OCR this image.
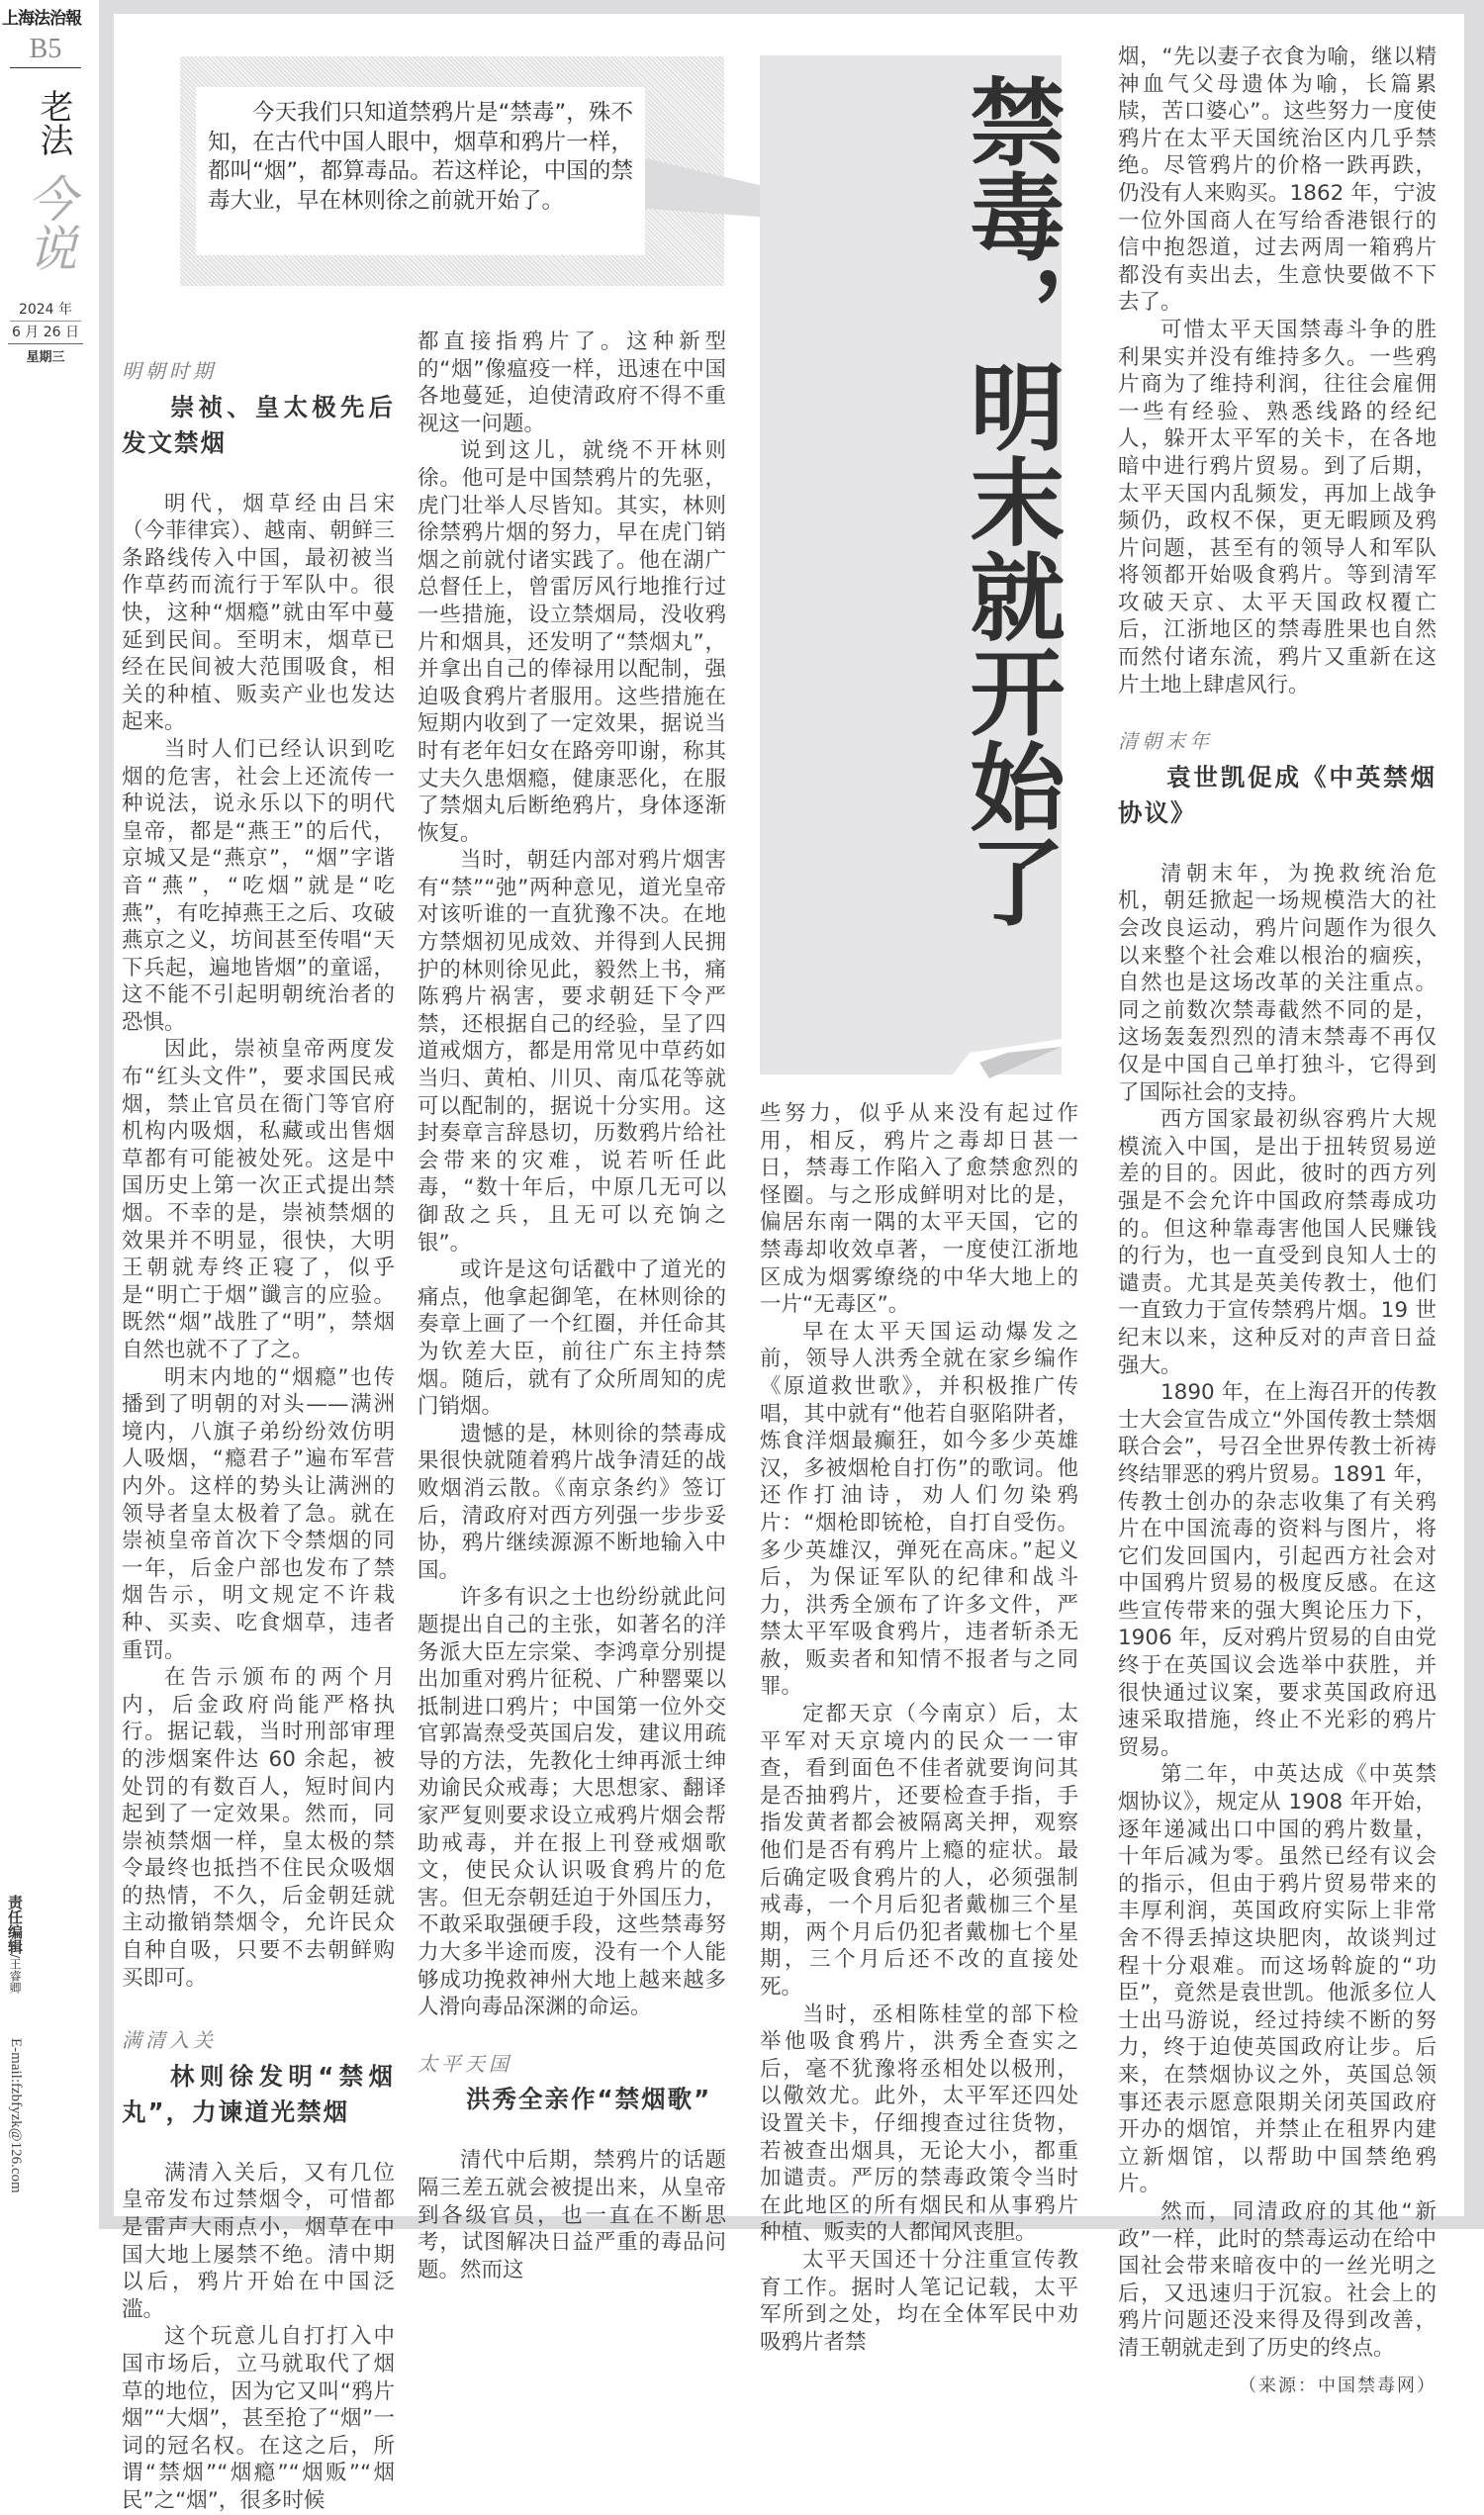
上海法治報
B5
老法
今说
2024 年
6 月 26 日
星期三
责任编辑/王睿卿
E-mail:fzbfyzk@126.com
今天我们只知道禁鸦片是“禁毒”，殊不知，在古代中国人眼中，烟草和鸦片一样，都叫“烟”，都算毒品。若这样论，中国的禁毒大业，早在林则徐之前就开始了。	禁毒，明末就开始了
明朝时期
崇祯、皇太极先后发文禁烟

明代，烟草经由吕宋（今菲律宾）、越南、朝鲜三条路线传入中国，最初被当作草药而流行于军队中。很快，这种“烟瘾”就由军中蔓延到民间。至明末，烟草已经在民间被大范围吸食，相关的种植、贩卖产业也发达起来。

当时人们已经认识到吃烟的危害，社会上还流传一种说法，说永乐以下的明代皇帝，都是“燕王”的后代，京城又是“燕京”，“烟”字谐音“燕”，“吃烟”就是“吃燕”，有吃掉燕王之后、攻破燕京之义，坊间甚至传唱“天下兵起，遍地皆烟”的童谣，这不能不引起明朝统治者的恐惧。

因此，崇祯皇帝两度发布“红头文件”，要求国民戒烟，禁止官员在衙门等官府机构内吸烟，私藏或出售烟草都有可能被处死。这是中国历史上第一次正式提出禁烟。不幸的是，崇祯禁烟的效果并不明显，很快，大明王朝就寿终正寝了，似乎是“明亡于烟”谶言的应验。既然“烟”战胜了“明”，禁烟自然也就不了了之。

明末内地的“烟瘾”也传播到了明朝的对头——满洲境内，八旗子弟纷纷效仿明人吸烟，“瘾君子”遍布军营内外。这样的势头让满洲的领导者皇太极着了急。就在崇祯皇帝首次下令禁烟的同一年，后金户部也发布了禁烟告示，明文规定不许栽种、买卖、吃食烟草，违者重罚。

在告示颁布的两个月内，后金政府尚能严格执行。据记载，当时刑部审理的涉烟案件达 60 余起，被处罚的有数百人，短时间内起到了一定效果。然而，同崇祯禁烟一样，皇太极的禁令最终也抵挡不住民众吸烟的热情，不久，后金朝廷就主动撤销禁烟令，允许民众自种自吸，只要不去朝鲜购买即可。

满清入关
林则徐发明“禁烟丸”，力谏道光禁烟

满清入关后，又有几位皇帝发布过禁烟令，可惜都是雷声大雨点小，烟草在中国大地上屡禁不绝。清中期以后，鸦片开始在中国泛滥。

这个玩意儿自打打入中国市场后，立马就取代了烟草的地位，因为它又叫“鸦片烟”“大烟”，甚至抢了“烟”一词的冠名权。在这之后，所谓“禁烟”“烟瘾”“烟贩”“烟民”之“烟”，很多时候

都直接指鸦片了。这种新型的“烟”像瘟疫一样，迅速在中国各地蔓延，迫使清政府不得不重视这一问题。

说到这儿，就绕不开林则徐。他可是中国禁鸦片的先驱，虎门壮举人尽皆知。其实，林则徐禁鸦片烟的努力，早在虎门销烟之前就付诸实践了。他在湖广总督任上，曾雷厉风行地推行过一些措施，设立禁烟局，没收鸦片和烟具，还发明了“禁烟丸”，并拿出自己的俸禄用以配制，强迫吸食鸦片者服用。这些措施在短期内收到了一定效果，据说当时有老年妇女在路旁叩谢，称其丈夫久患烟瘾，健康恶化，在服了禁烟丸后断绝鸦片，身体逐渐恢复。

当时，朝廷内部对鸦片烟害有“禁”“弛”两种意见，道光皇帝对该听谁的一直犹豫不决。在地方禁烟初见成效、并得到人民拥护的林则徐见此，毅然上书，痛陈鸦片祸害，要求朝廷下令严禁，还根据自己的经验，呈了四道戒烟方，都是用常见中草药如当归、黄柏、川贝、南瓜花等就可以配制的，据说十分实用。这封奏章言辞恳切，历数鸦片给社会带来的灾难，说若听任此毒，“数十年后，中原几无可以御敌之兵，且无可以充饷之银”。

或许是这句话戳中了道光的痛点，他拿起御笔，在林则徐的奏章上画了一个红圈，并任命其为钦差大臣，前往广东主持禁烟。随后，就有了众所周知的虎门销烟。

遗憾的是，林则徐的禁毒成果很快就随着鸦片战争清廷的战败烟消云散。《南京条约》签订后，清政府对西方列强一步步妥协，鸦片继续源源不断地输入中国。

许多有识之士也纷纷就此问题提出自己的主张，如著名的洋务派大臣左宗棠、李鸿章分别提出加重对鸦片征税、广种罂粟以抵制进口鸦片；中国第一位外交官郭嵩焘受英国启发，建议用疏导的方法，先教化士绅再派士绅劝谕民众戒毒；大思想家、翻译家严复则要求设立戒鸦片烟会帮助戒毒，并在报上刊登戒烟歌文，使民众认识吸食鸦片的危害。但无奈朝廷迫于外国压力，不敢采取强硬手段，这些禁毒努力大多半途而废，没有一个人能够成功挽救神州大地上越来越多人滑向毒品深渊的命运。

太平天国
洪秀全亲作“禁烟歌”

清代中后期，禁鸦片的话题隔三差五就会被提出来，从皇帝到各级官员，也一直在不断思考，试图解决日益严重的毒品问题。然而这

些努力，似乎从来没有起过作用，相反，鸦片之毒却日甚一日，禁毒工作陷入了愈禁愈烈的怪圈。与之形成鲜明对比的是，偏居东南一隅的太平天国，它的禁毒却收效卓著，一度使江浙地区成为烟雾缭绕的中华大地上的一片“无毒区”。

早在太平天国运动爆发之前，领导人洪秀全就在家乡编作《原道救世歌》，并积极推广传唱，其中就有“他若自驱陷阱者，炼食洋烟最癫狂，如今多少英雄汉，多被烟枪自打伤”的歌词。他还作打油诗，劝人们勿染鸦片：“烟枪即铳枪，自打自受伤。多少英雄汉，弹死在高床。”起义后，为保证军队的纪律和战斗力，洪秀全颁布了许多文件，严禁太平军吸食鸦片，违者斩杀无赦，贩卖者和知情不报者与之同罪。

定都天京（今南京）后，太平军对天京境内的民众一一审查，看到面色不佳者就要询问其是否抽鸦片，还要检查手指，手指发黄者都会被隔离关押，观察他们是否有鸦片上瘾的症状。最后确定吸食鸦片的人，必须强制戒毒，一个月后犯者戴枷三个星期，两个月后仍犯者戴枷七个星期，三个月后还不改的直接处死。

当时，丞相陈桂堂的部下检举他吸食鸦片，洪秀全查实之后，毫不犹豫将丞相处以极刑，以儆效尤。此外，太平军还四处设置关卡，仔细搜查过往货物，若被查出烟具，无论大小，都重加谴责。严厉的禁毒政策令当时在此地区的所有烟民和从事鸦片种植、贩卖的人都闻风丧胆。

太平天国还十分注重宣传教育工作。据时人笔记记载，太平军所到之处，均在全体军民中劝吸鸦片者禁

烟，“先以妻子衣食为喻，继以精神血气父母遗体为喻，长篇累牍，苦口婆心”。这些努力一度使鸦片在太平天国统治区内几乎禁绝。尽管鸦片的价格一跌再跌，仍没有人来购买。1862 年，宁波一位外国商人在写给香港银行的信中抱怨道，过去两周一箱鸦片都没有卖出去，生意快要做不下去了。

可惜太平天国禁毒斗争的胜利果实并没有维持多久。一些鸦片商为了维持利润，往往会雇佣一些有经验、熟悉线路的经纪人，躲开太平军的关卡，在各地暗中进行鸦片贸易。到了后期，太平天国内乱频发，再加上战争频仍，政权不保，更无暇顾及鸦片问题，甚至有的领导人和军队将领都开始吸食鸦片。等到清军攻破天京、太平天国政权覆亡后，江浙地区的禁毒胜果也自然而然付诸东流，鸦片又重新在这片土地上肆虐风行。

清朝末年
袁世凯促成《中英禁烟协议》

清朝末年，为挽救统治危机，朝廷掀起一场规模浩大的社会改良运动，鸦片问题作为很久以来整个社会难以根治的痼疾，自然也是这场改革的关注重点。同之前数次禁毒截然不同的是，这场轰轰烈烈的清末禁毒不再仅仅是中国自己单打独斗，它得到了国际社会的支持。

西方国家最初纵容鸦片大规模流入中国，是出于扭转贸易逆差的目的。因此，彼时的西方列强是不会允许中国政府禁毒成功的。但这种靠毒害他国人民赚钱的行为，也一直受到良知人士的谴责。尤其是英美传教士，他们一直致力于宣传禁鸦片烟。19 世纪末以来，这种反对的声音日益强大。

1890 年，在上海召开的传教士大会宣告成立“外国传教士禁烟联合会”，号召全世界传教士祈祷终结罪恶的鸦片贸易。1891 年，传教士创办的杂志收集了有关鸦片在中国流毒的资料与图片，将它们发回国内，引起西方社会对中国鸦片贸易的极度反感。在这些宣传带来的强大舆论压力下，1906 年，反对鸦片贸易的自由党终于在英国议会选举中获胜，并很快通过议案，要求英国政府迅速采取措施，终止不光彩的鸦片贸易。

第二年，中英达成《中英禁烟协议》，规定从 1908 年开始，逐年递减出口中国的鸦片数量，十年后减为零。虽然已经有议会的指示，但由于鸦片贸易带来的丰厚利润，英国政府实际上非常舍不得丢掉这块肥肉，故谈判过程十分艰难。而这场斡旋的“功臣”，竟然是袁世凯。他派多位人士出马游说，经过持续不断的努力，终于迫使英国政府让步。后来，在禁烟协议之外，英国总领事还表示愿意限期关闭英国政府开办的烟馆，并禁止在租界内建立新烟馆，以帮助中国禁绝鸦片。

然而，同清政府的其他“新政”一样，此时的禁毒运动在给中国社会带来暗夜中的一丝光明之后，又迅速归于沉寂。社会上的鸦片问题还没来得及得到改善，清王朝就走到了历史的终点。

（来源：中国禁毒网）
